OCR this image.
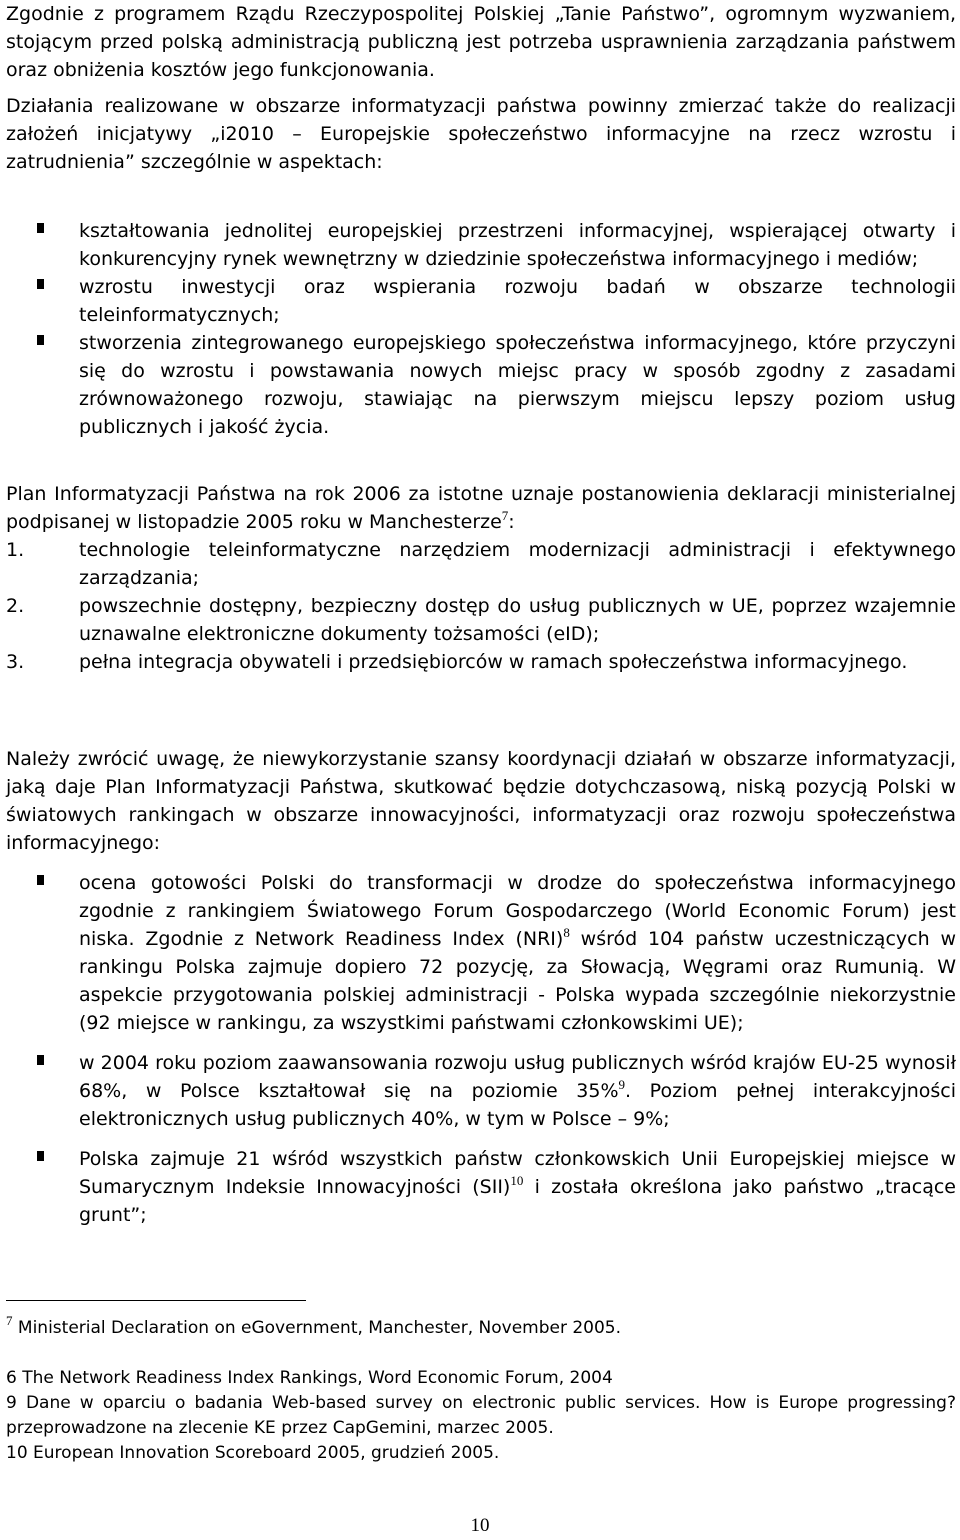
Zgodnie z programem Rządu Rzeczypospolitej Polskiej „Tanie Państwo”, ogromnym wyzwaniem, stojącym przed polską administracją publiczną jest potrzeba usprawnienia zarządzania państwem oraz obniżenia kosztów jego funkcjonowania.

Działania realizowane w obszarze informatyzacji państwa powinny zmierzać także do realizacji założeń inicjatywy „i2010 – Europejskie społeczeństwo informacyjne na rzecz wzrostu i zatrudnienia” szczególnie w aspektach:

kształtowania jednolitej europejskiej przestrzeni informacyjnej, wspierającej otwarty i konkurencyjny rynek wewnętrzny w dziedzinie społeczeństwa informacyjnego i mediów;
wzrostu inwestycji oraz wspierania rozwoju badań w obszarze technologii teleinformatycznych;
stworzenia zintegrowanego europejskiego społeczeństwa informacyjnego, które przyczyni się do wzrostu i powstawania nowych miejsc pracy w sposób zgodny z zasadami zrównoważonego rozwoju, stawiając na pierwszym miejscu lepszy poziom usług publicznych i jakość życia.

Plan Informatyzacji Państwa na rok 2006 za istotne uznaje postanowienia deklaracji ministerialnej podpisanej w listopadzie 2005 roku w Manchesterze$^7$:

1.	technologie teleinformatyczne narzędziem modernizacji administracji i efektywnego zarządzania;
2.	powszechnie dostępny, bezpieczny dostęp do usług publicznych w UE, poprzez wzajemnie uznawalne elektroniczne dokumenty tożsamości (eID);
3.	pełna integracja obywateli i przedsiębiorców w ramach społeczeństwa informacyjnego.

Należy zwrócić uwagę, że niewykorzystanie szansy koordynacji działań w obszarze informatyzacji, jaką daje Plan Informatyzacji Państwa, skutkować będzie dotychczasową, niską pozycją Polski w światowych rankingach w obszarze innowacyjności, informatyzacji oraz rozwoju społeczeństwa informacyjnego:

ocena gotowości Polski do transformacji w drodze do społeczeństwa informacyjnego zgodnie z rankingiem Światowego Forum Gospodarczego (World Economic Forum) jest niska. Zgodnie z Network Readiness Index (NRI)$^8$ wśród 104 państw uczestniczących w rankingu Polska zajmuje dopiero 72 pozycję, za Słowacją, Węgrami oraz Rumunią. W aspekcie przygotowania polskiej administracji - Polska wypada szczególnie niekorzystnie (92 miejsce w rankingu, za wszystkimi państwami członkowskimi UE);
w 2004 roku poziom zaawansowania rozwoju usług publicznych wśród krajów EU-25 wynosił 68%, w Polsce kształtował się na poziomie 35%$^9$. Poziom pełnej interakcyjności elektronicznych usług publicznych 40%, w tym w Polsce – 9%;
Polska zajmuje 21 wśród wszystkich państw członkowskich Unii Europejskiej miejsce w Sumarycznym Indeksie Innowacyjności (SII)$^{10}$ i została określona jako państwo „tracące grunt”;
$^7$ Ministerial Declaration on eGovernment, Manchester, November 2005.
6 The Network Readiness Index Rankings, Word Economic Forum, 2004
9 Dane w oparciu o badania Web-based survey on electronic public services. How is Europe progressing? przeprowadzone na zlecenie KE przez CapGemini, marzec 2005.
10 European Innovation Scoreboard 2005, grudzień 2005.
10
